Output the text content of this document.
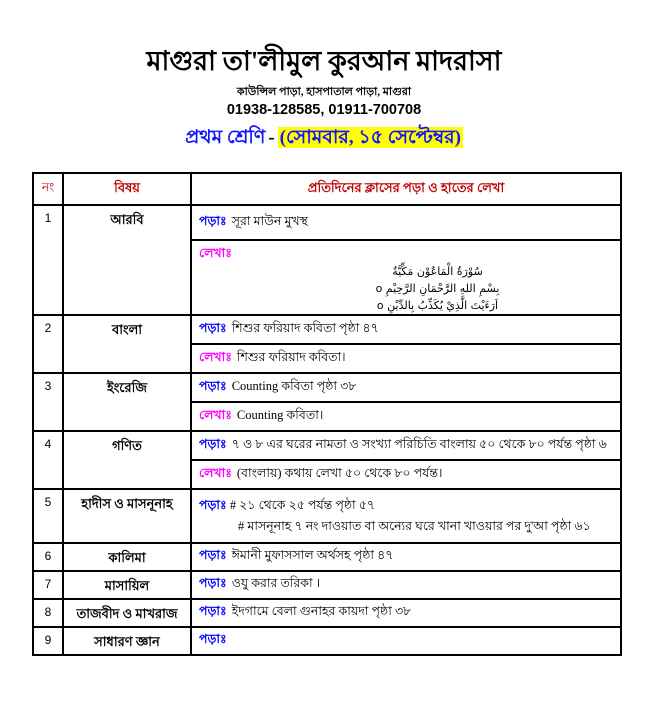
মাগুরা তা'লীমুল কুরআন মাদরাসা
কাউন্সিল পাড়া, হাসপাতাল পাড়া, মাগুরা
01938-128585, 01911-700708
প্রথম শ্রেণি - (সোমবার, ১৫ সেপ্টেম্বর)
নং	বিষয়	প্রতিদিনের ক্লাসের পড়া ও হাতের লেখা
1	আরবি	পড়াঃ সূরা মাউন মুখস্থ
লেখাঃ
سُوْرَةُ الْمَاعُوْن مَكِّيَّةٌ
o بِسْمِ اللهِ الرَّحْمَانِ الرَّحِيْمِ
o اَرَءَيْتَ الَّذِيْ يُكَذِّبُ بِالدِّيْنِ
2	বাংলা	পড়াঃ শিশুর ফরিয়াদ কবিতা পৃষ্ঠা ৪৭
লেখাঃ শিশুর ফরিয়াদ কবিতা।
3	ইংরেজি	পড়াঃ Counting কবিতা পৃষ্ঠা ৩৮
লেখাঃ Counting কবিতা।
4	গণিত	পড়াঃ ৭ ও ৮ এর ঘরের নামতা ও সংখ্যা পরিচিতি বাংলায় ৫০ থেকে ৮০ পর্যন্ত পৃষ্ঠা ৬
লেখাঃ (বাংলায়) কথায় লেখা ৫০ থেকে ৮০ পর্যন্ত।
5	হাদীস ও মাসনূনাহ	পড়াঃ # ২১ থেকে ২৫ পর্যন্ত পৃষ্ঠা ৫৭
# মাসনূনাহ ৭ নং দাওয়াত বা অন্যের ঘরে খানা খাওয়ার পর দু'আ পৃষ্ঠা ৬১
6	কালিমা	পড়াঃ ঈমানী মুফাসসাল অর্থসহ পৃষ্ঠা ৪৭
7	মাসায়িল	পড়াঃ ওযু করার তরিকা ।
8	তাজবীদ ও মাখরাজ	পড়াঃ ইদগামে বেলা গুনাহর কায়দা পৃষ্ঠা ৩৮
9	সাধারণ জ্ঞান	পড়াঃ
